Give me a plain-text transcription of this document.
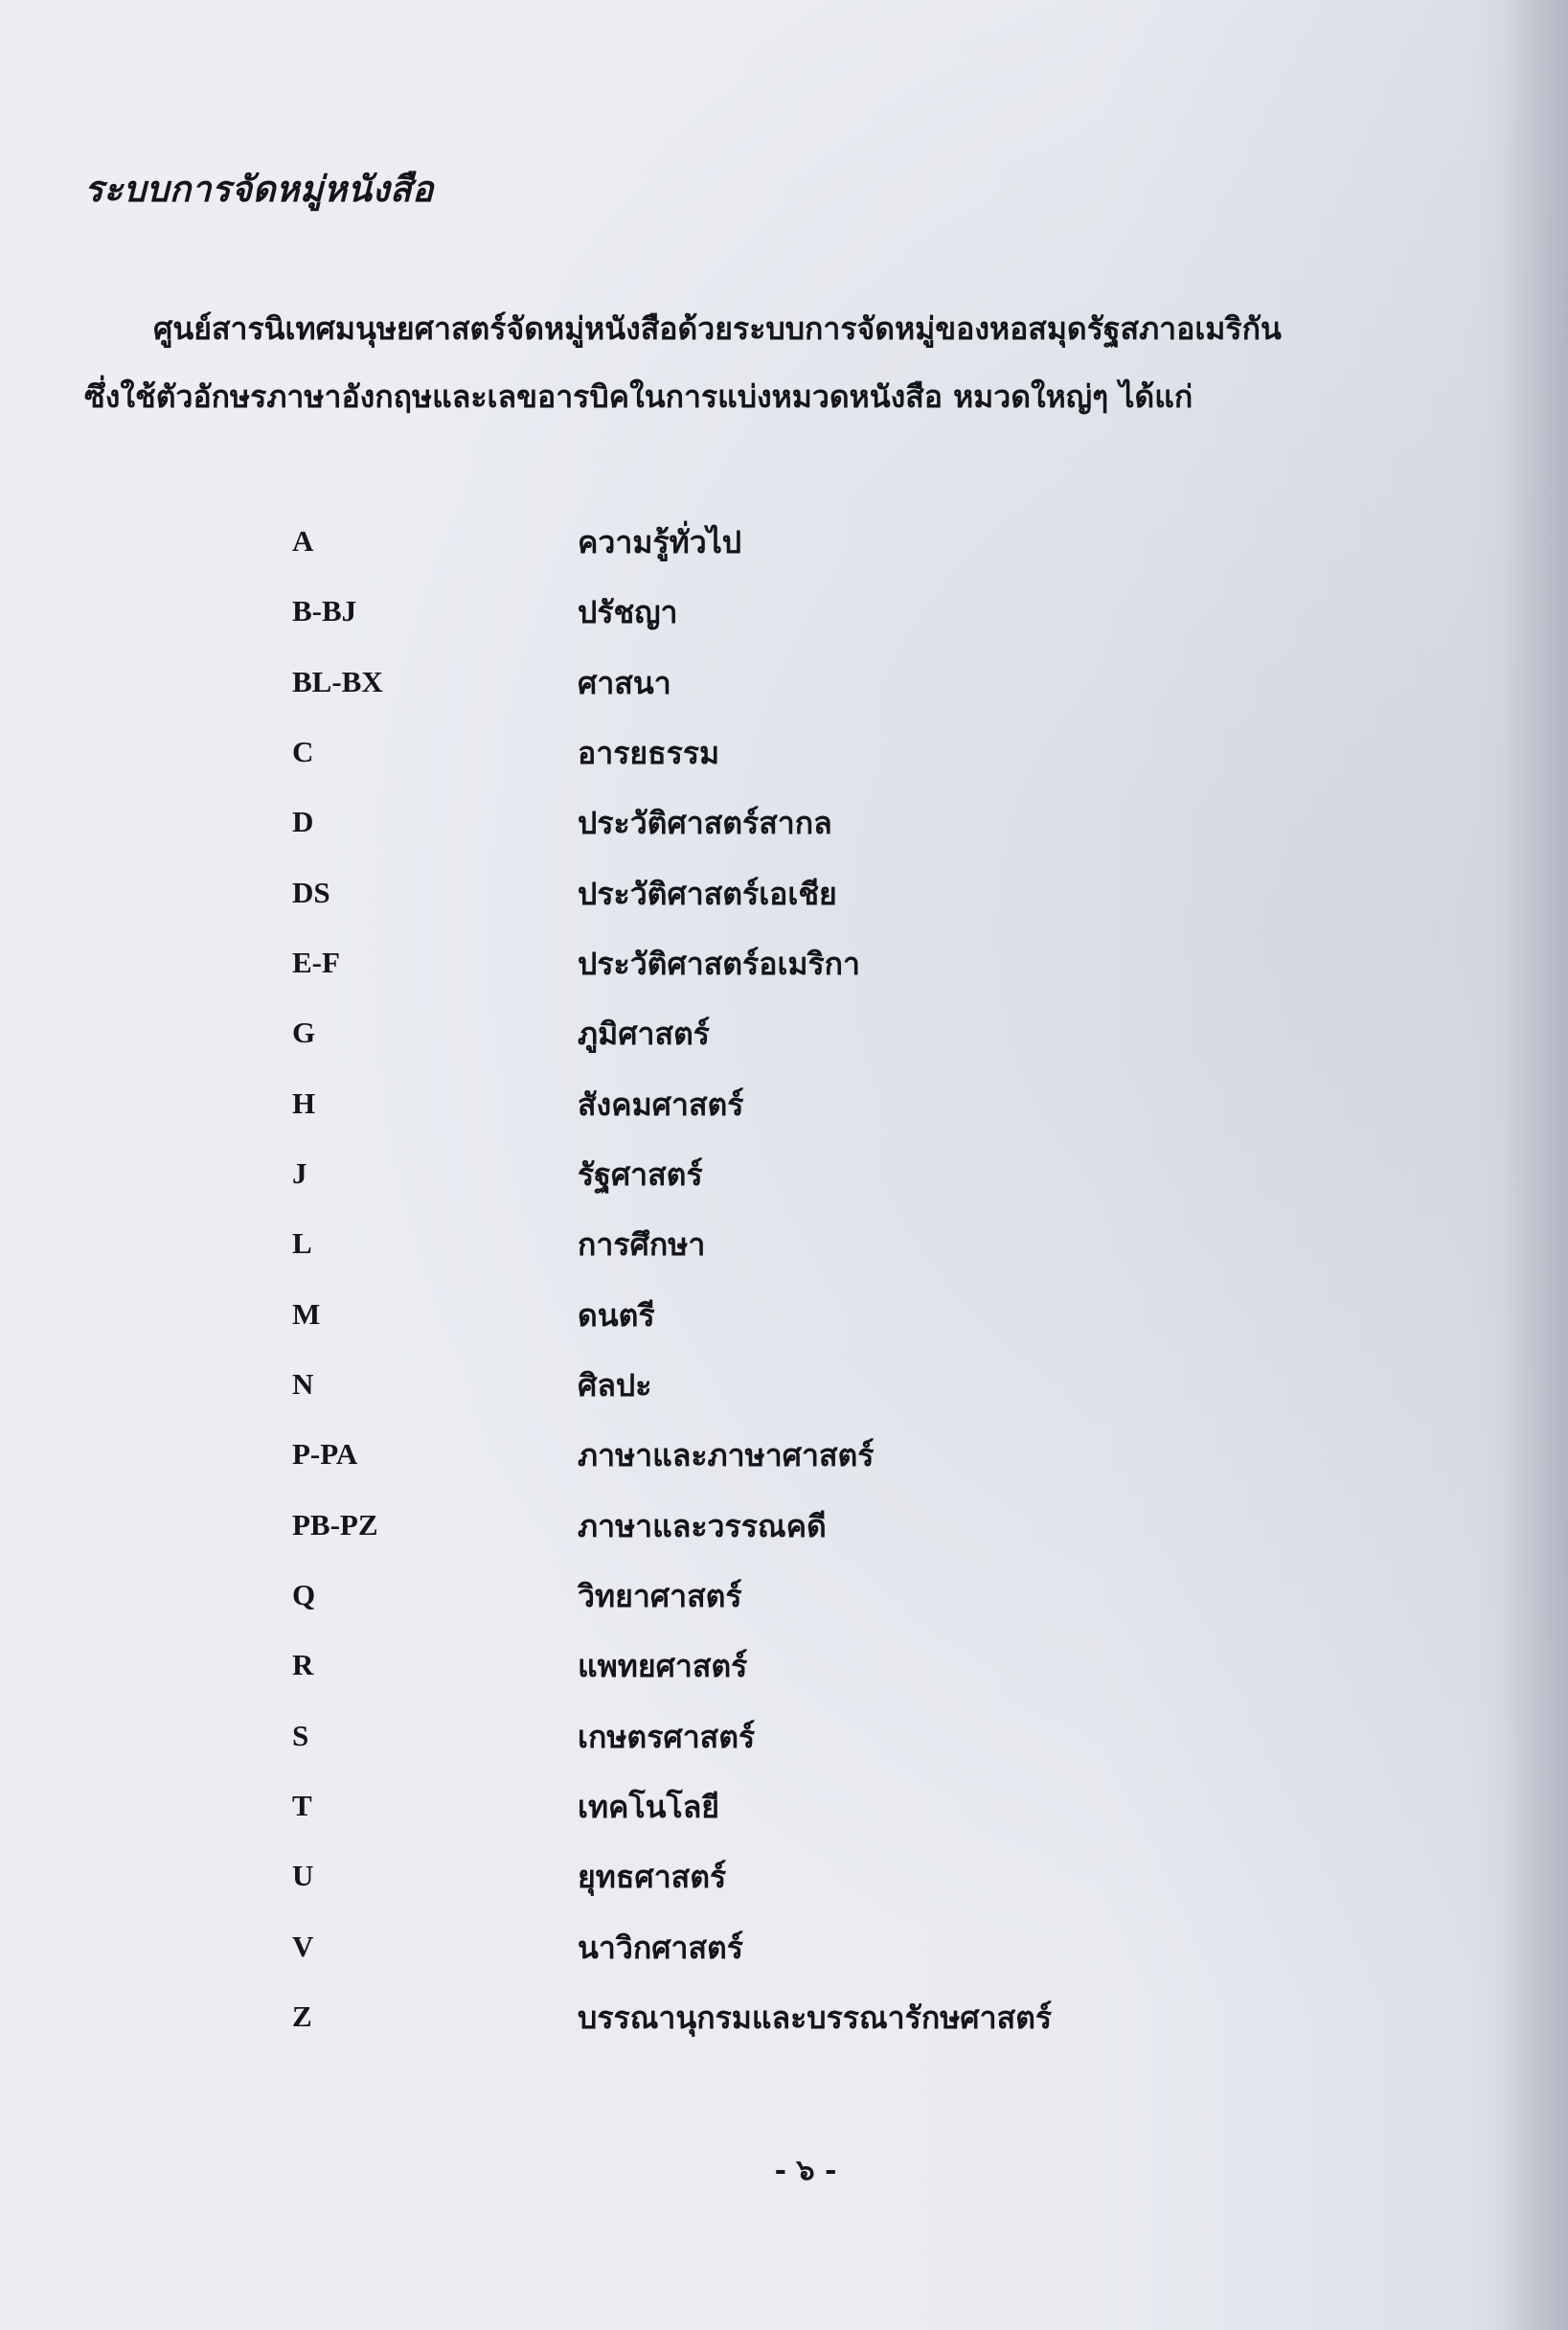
ระบบการจัดหมู่หนังสือ
ศูนย์สารนิเทศมนุษยศาสตร์จัดหมู่หนังสือด้วยระบบการจัดหมู่ของหอสมุดรัฐสภาอเมริกัน
ซึ่งใช้ตัวอักษรภาษาอังกฤษและเลขอารบิคในการแบ่งหมวดหนังสือ หมวดใหญ่ๆ ได้แก่
A	ความรู้ทั่วไป
B-BJ	ปรัชญา
BL-BX	ศาสนา
C	อารยธรรม
D	ประวัติศาสตร์สากล
DS	ประวัติศาสตร์เอเชีย
E-F	ประวัติศาสตร์อเมริกา
G	ภูมิศาสตร์
H	สังคมศาสตร์
J	รัฐศาสตร์
L	การศึกษา
M	ดนตรี
N	ศิลปะ
P-PA	ภาษาและภาษาศาสตร์
PB-PZ	ภาษาและวรรณคดี
Q	วิทยาศาสตร์
R	แพทยศาสตร์
S	เกษตรศาสตร์
T	เทคโนโลยี
U	ยุทธศาสตร์
V	นาวิกศาสตร์
Z	บรรณานุกรมและบรรณารักษศาสตร์
- ๖ -
